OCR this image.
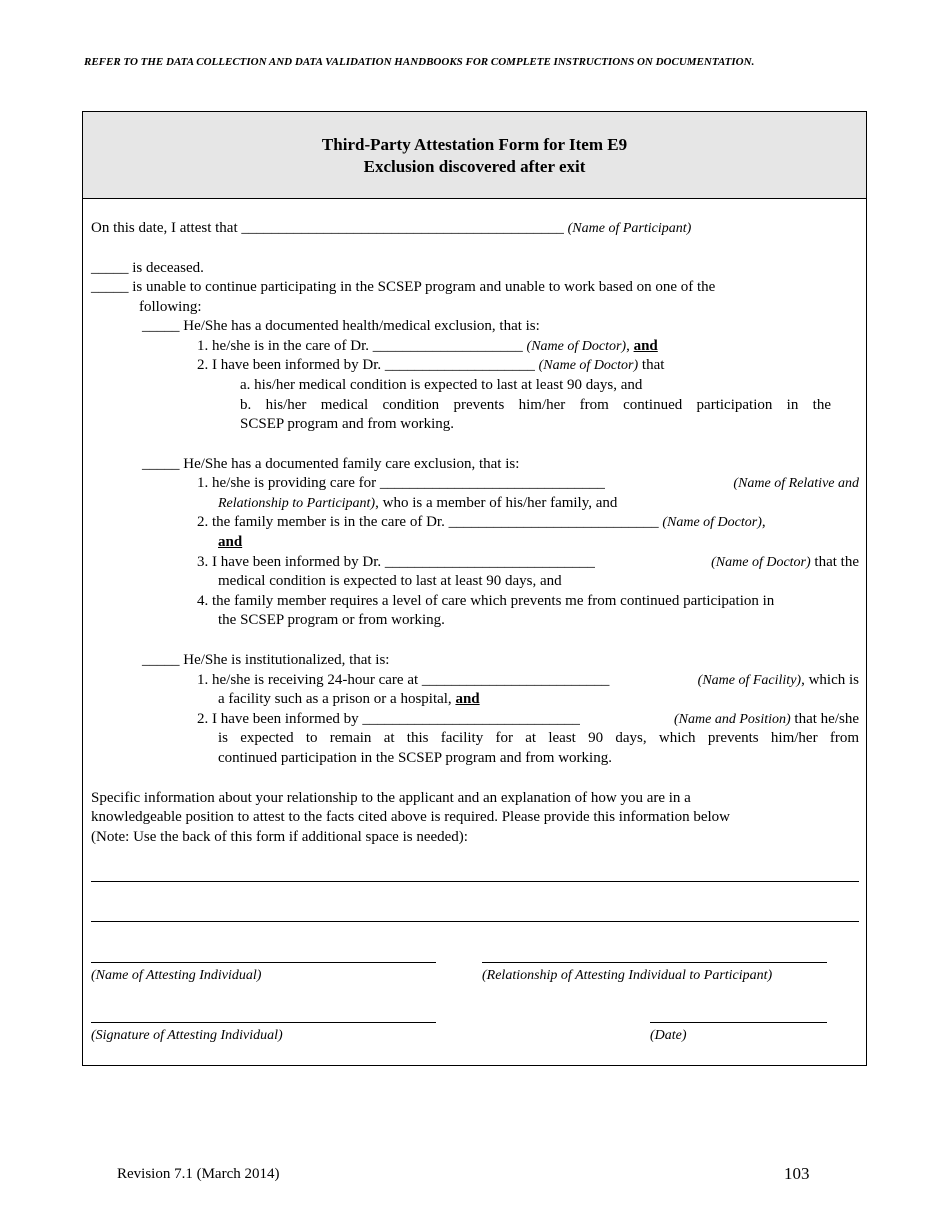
REFER TO THE DATA COLLECTION AND DATA VALIDATION HANDBOOKS FOR COMPLETE INSTRUCTIONS ON DOCUMENTATION.
Third-Party Attestation Form for Item E9
Exclusion discovered after exit
On this date, I attest that ___________________________________________ (Name of Participant)
_____ is deceased.
_____ is unable to continue participating in the SCSEP program and unable to work based on one of the
following:
_____ He/She has a documented health/medical exclusion, that is:
1. he/she is in the care of Dr. ____________________ (Name of Doctor), and
2. I have been informed by Dr. ____________________ (Name of Doctor) that
a. his/her medical condition is expected to last at least 90 days, and
b. his/her medical condition prevents him/her from continued participation in the
SCSEP program and from working.
_____ He/She has a documented family care exclusion, that is:
1. he/she is providing care for ______________________________	(Name of Relative and
Relationship to Participant), who is a member of his/her family, and
2. the family member is in the care of Dr. ____________________________ (Name of Doctor),
and
3. I have been informed by Dr. ____________________________	(Name of Doctor) that the
medical condition is expected to last at least 90 days, and
4. the family member requires a level of care which prevents me from continued participation in
the SCSEP program or from working.
_____ He/She is institutionalized, that is:
1. he/she is receiving 24-hour care at _________________________	(Name of Facility), which is
a facility such as a prison or a hospital, and
2. I have been informed by _____________________________	(Name and Position) that he/she
is expected to remain at this facility for at least 90 days, which prevents him/her from
continued participation in the SCSEP program and from working.
Specific information about your relationship to the applicant and an explanation of how you are in a
knowledgeable position to attest to the facts cited above is required. Please provide this information below
(Note: Use the back of this form if additional space is needed):
(Name of Attesting Individual)	(Relationship of Attesting Individual to Participant)
(Signature of Attesting Individual)	(Date)
Revision 7.1 (March 2014)	103
